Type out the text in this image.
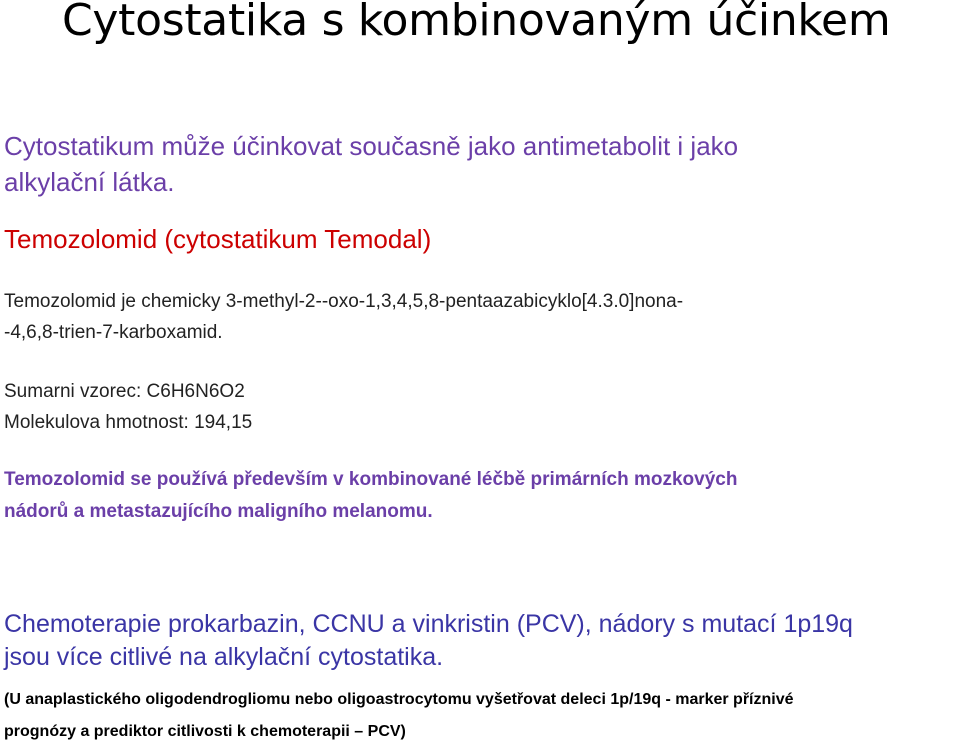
Cytostatika s kombinovaným účinkem

Cytostatikum může účinkovat současně jako antimetabolit i jako
alkylační látka.

Temozolomid (cytostatikum Temodal)

Temozolomid je chemicky 3-methyl-2--oxo-1,3,4,5,8-pentaazabicyklo[4.3.0]nona-
-4,6,8-trien-7-karboxamid.

Sumarni vzorec: C6H6N6O2
Molekulova hmotnost: 194,15

Temozolomid se používá především v kombinované léčbě primárních mozkových
nádorů a metastazujícího maligního melanomu.

Chemoterapie prokarbazin, CCNU a vinkristin (PCV), nádory s mutací 1p19q
jsou více citlivé na alkylační cytostatika.

(U anaplastického oligodendrogliomu nebo oligoastrocytomu vyšetřovat deleci 1p/19q - marker příznivé
prognózy a prediktor citlivosti k chemoterapii – PCV)
